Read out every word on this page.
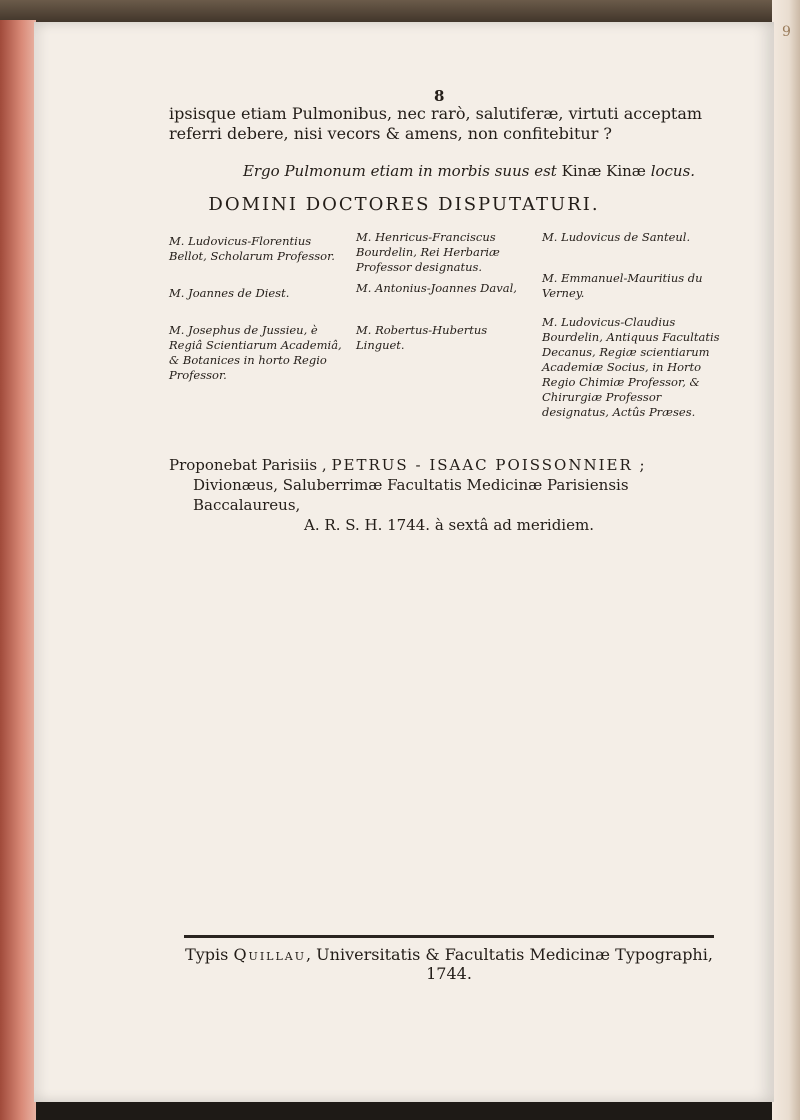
9
8
ipsisque etiam Pulmonibus, nec rarò, salutiferæ, virtuti acceptam referri debere, nisi vecors & amens, non confitebitur ?
Ergo Pulmonum etiam in morbis suus est Kinæ Kinæ locus.
DOMINI DOCTORES DISPUTATURI.
M. Ludovicus-Florentius Bellot, Scholarum Professor.
M. Joannes de Diest.
M. Josephus de Jussieu, è Regiâ Scientiarum Academiâ, & Botanices in horto Regio Professor.
M. Henricus-Franciscus Bourdelin, Rei Herbariæ Professor designatus.
M. Antonius-Joannes Daval,
M. Robertus-Hubertus Linguet.
M. Ludovicus de Santeul.
M. Emmanuel-Mauritius du Verney.
M. Ludovicus-Claudius Bourdelin, Antiquus Facultatis Decanus, Regiæ scientiarum Academiæ Socius, in Horto Regio Chimiæ Professor, & Chirurgiæ Professor designatus, Actûs Præses.
Proponebat Parisiis , PETRUS - ISAAC POISSONNIER ;
Divionæus, Saluberrimæ Facultatis Medicinæ Parisiensis Baccalaureus,
A. R. S. H. 1744. à sextâ ad meridiem.
Typis Quillau, Universitatis & Facultatis Medicinæ Typographi, 1744.
